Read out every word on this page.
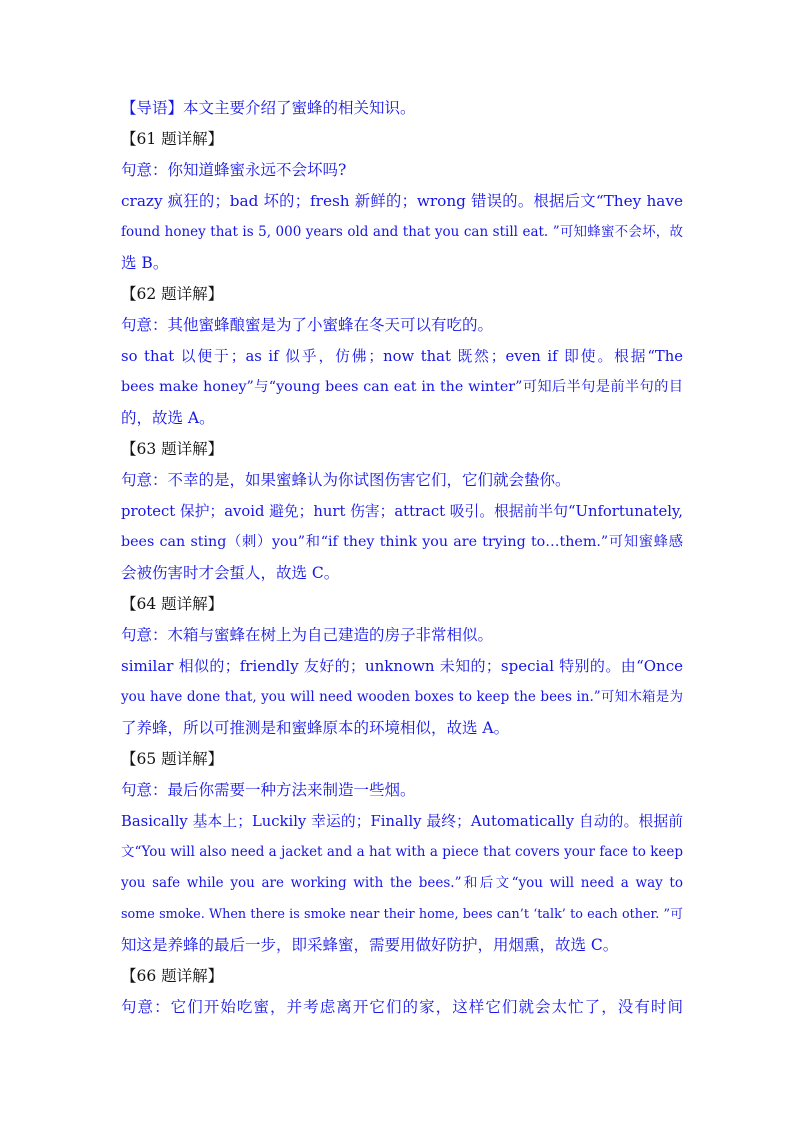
【导语】本文主要介绍了蜜蜂的相关知识。
【61 题详解】
句意：你知道蜂蜜永远不会坏吗?
crazy 疯狂的；bad 坏的；fresh 新鲜的；wrong 错误的。根据后文“They have
found honey that is 5, 000 years old and that you can still eat. ”可知蜂蜜不会坏，故
选 B。
【62 题详解】
句意：其他蜜蜂酿蜜是为了小蜜蜂在冬天可以有吃的。
so that 以便于；as if 似乎，仿佛；now that 既然；even if 即使。根据“The
bees make honey”与“young bees can eat in the winter”可知后半句是前半句的目
的，故选 A。
【63 题详解】
句意：不幸的是，如果蜜蜂认为你试图伤害它们，它们就会蛰你。
protect 保护；avoid 避免；hurt 伤害；attract 吸引。根据前半句“Unfortunately,
bees can sting（刺）you”和“if they think you are trying to…them.”可知蜜蜂感
会被伤害时才会蜇人，故选 C。
【64 题详解】
句意：木箱与蜜蜂在树上为自己建造的房子非常相似。
similar 相似的；friendly 友好的；unknown 未知的；special 特别的。由“Once
you have done that, you will need wooden boxes to keep the bees in.”可知木箱是为
了养蜂，所以可推测是和蜜蜂原本的环境相似，故选 A。
【65 题详解】
句意：最后你需要一种方法来制造一些烟。
Basically 基本上；Luckily 幸运的；Finally 最终；Automatically 自动的。根据前
文“You will also need a jacket and a hat with a piece that covers your face to keep
you safe while you are working with the bees.”和后文“you will need a way to
some smoke. When there is smoke near their home, bees can’t ‘talk’ to each other. ”可
知这是养蜂的最后一步，即采蜂蜜，需要用做好防护，用烟熏，故选 C。
【66 题详解】
句意：它们开始吃蜜，并考虑离开它们的家，这样它们就会太忙了，没有时间
